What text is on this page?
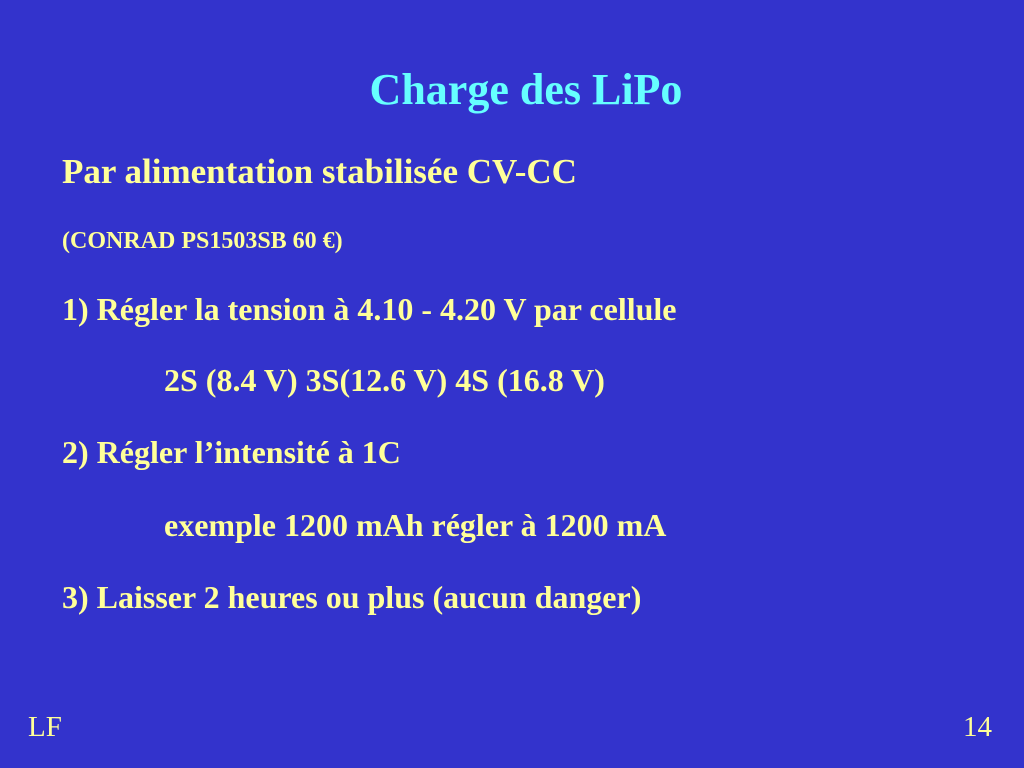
Charge des LiPo
Par alimentation stabilisée CV-CC
(CONRAD PS1503SB 60 €)
1) Régler la tension à 4.10 - 4.20 V par cellule
2S (8.4 V) 3S(12.6 V) 4S (16.8 V)
2) Régler l’intensité à 1C
exemple 1200 mAh régler à 1200 mA
3) Laisser 2 heures ou plus (aucun danger)
LF	14
